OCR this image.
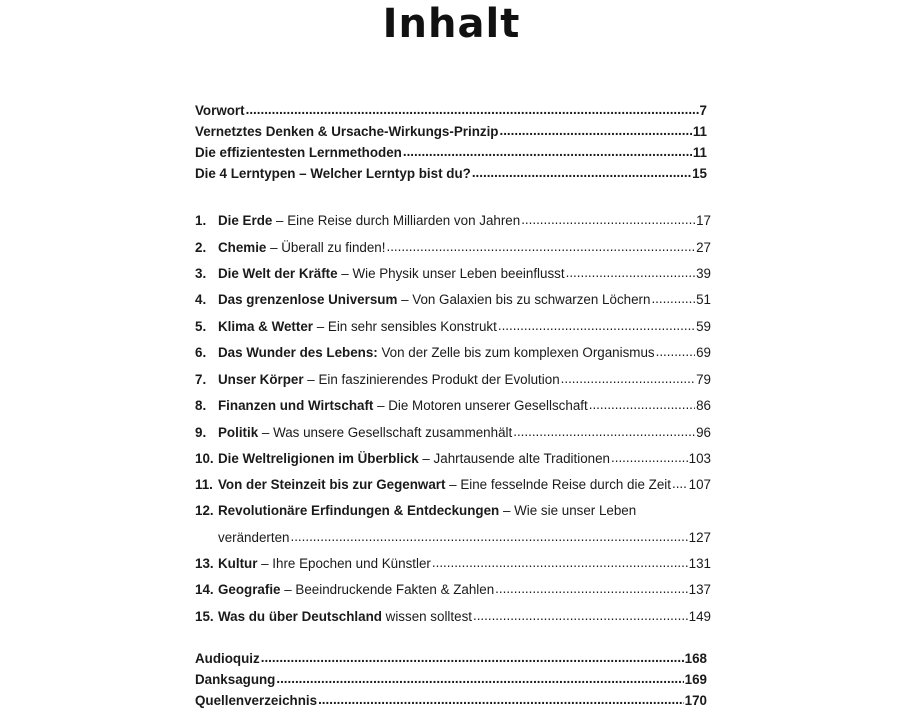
Inhalt
Vorwort .....	7
Vernetztes Denken & Ursache-Wirkungs-Prinzip .....	11
Die effizientesten Lernmethoden .....	11
Die 4 Lerntypen – Welcher Lerntyp bist du? .....	15
1. Die Erde – Eine Reise durch Milliarden von Jahren .....	17
2. Chemie – Überall zu finden! .....	27
3. Die Welt der Kräfte – Wie Physik unser Leben beeinflusst .....	39
4. Das grenzenlose Universum – Von Galaxien bis zu schwarzen Löchern .....	51
5. Klima & Wetter – Ein sehr sensibles Konstrukt .....	59
6. Das Wunder des Lebens: Von der Zelle bis zum komplexen Organismus .....	69
7. Unser Körper – Ein faszinierendes Produkt der Evolution .....	79
8. Finanzen und Wirtschaft – Die Motoren unserer Gesellschaft .....	86
9. Politik – Was unsere Gesellschaft zusammenhält .....	96
10. Die Weltreligionen im Überblick – Jahrtausende alte Traditionen .....	103
11. Von der Steinzeit bis zur Gegenwart – Eine fesselnde Reise durch die Zeit ..... 107
12. Revolutionäre Erfindungen & Entdeckungen – Wie sie unser Leben
veränderten .....	127
13. Kultur – Ihre Epochen und Künstler .....	131
14. Geografie – Beeindruckende Fakten & Zahlen .....	137
15. Was du über Deutschland wissen solltest .....	149
Audioquiz .....	168
Danksagung .....	169
Quellenverzeichnis .....	170
